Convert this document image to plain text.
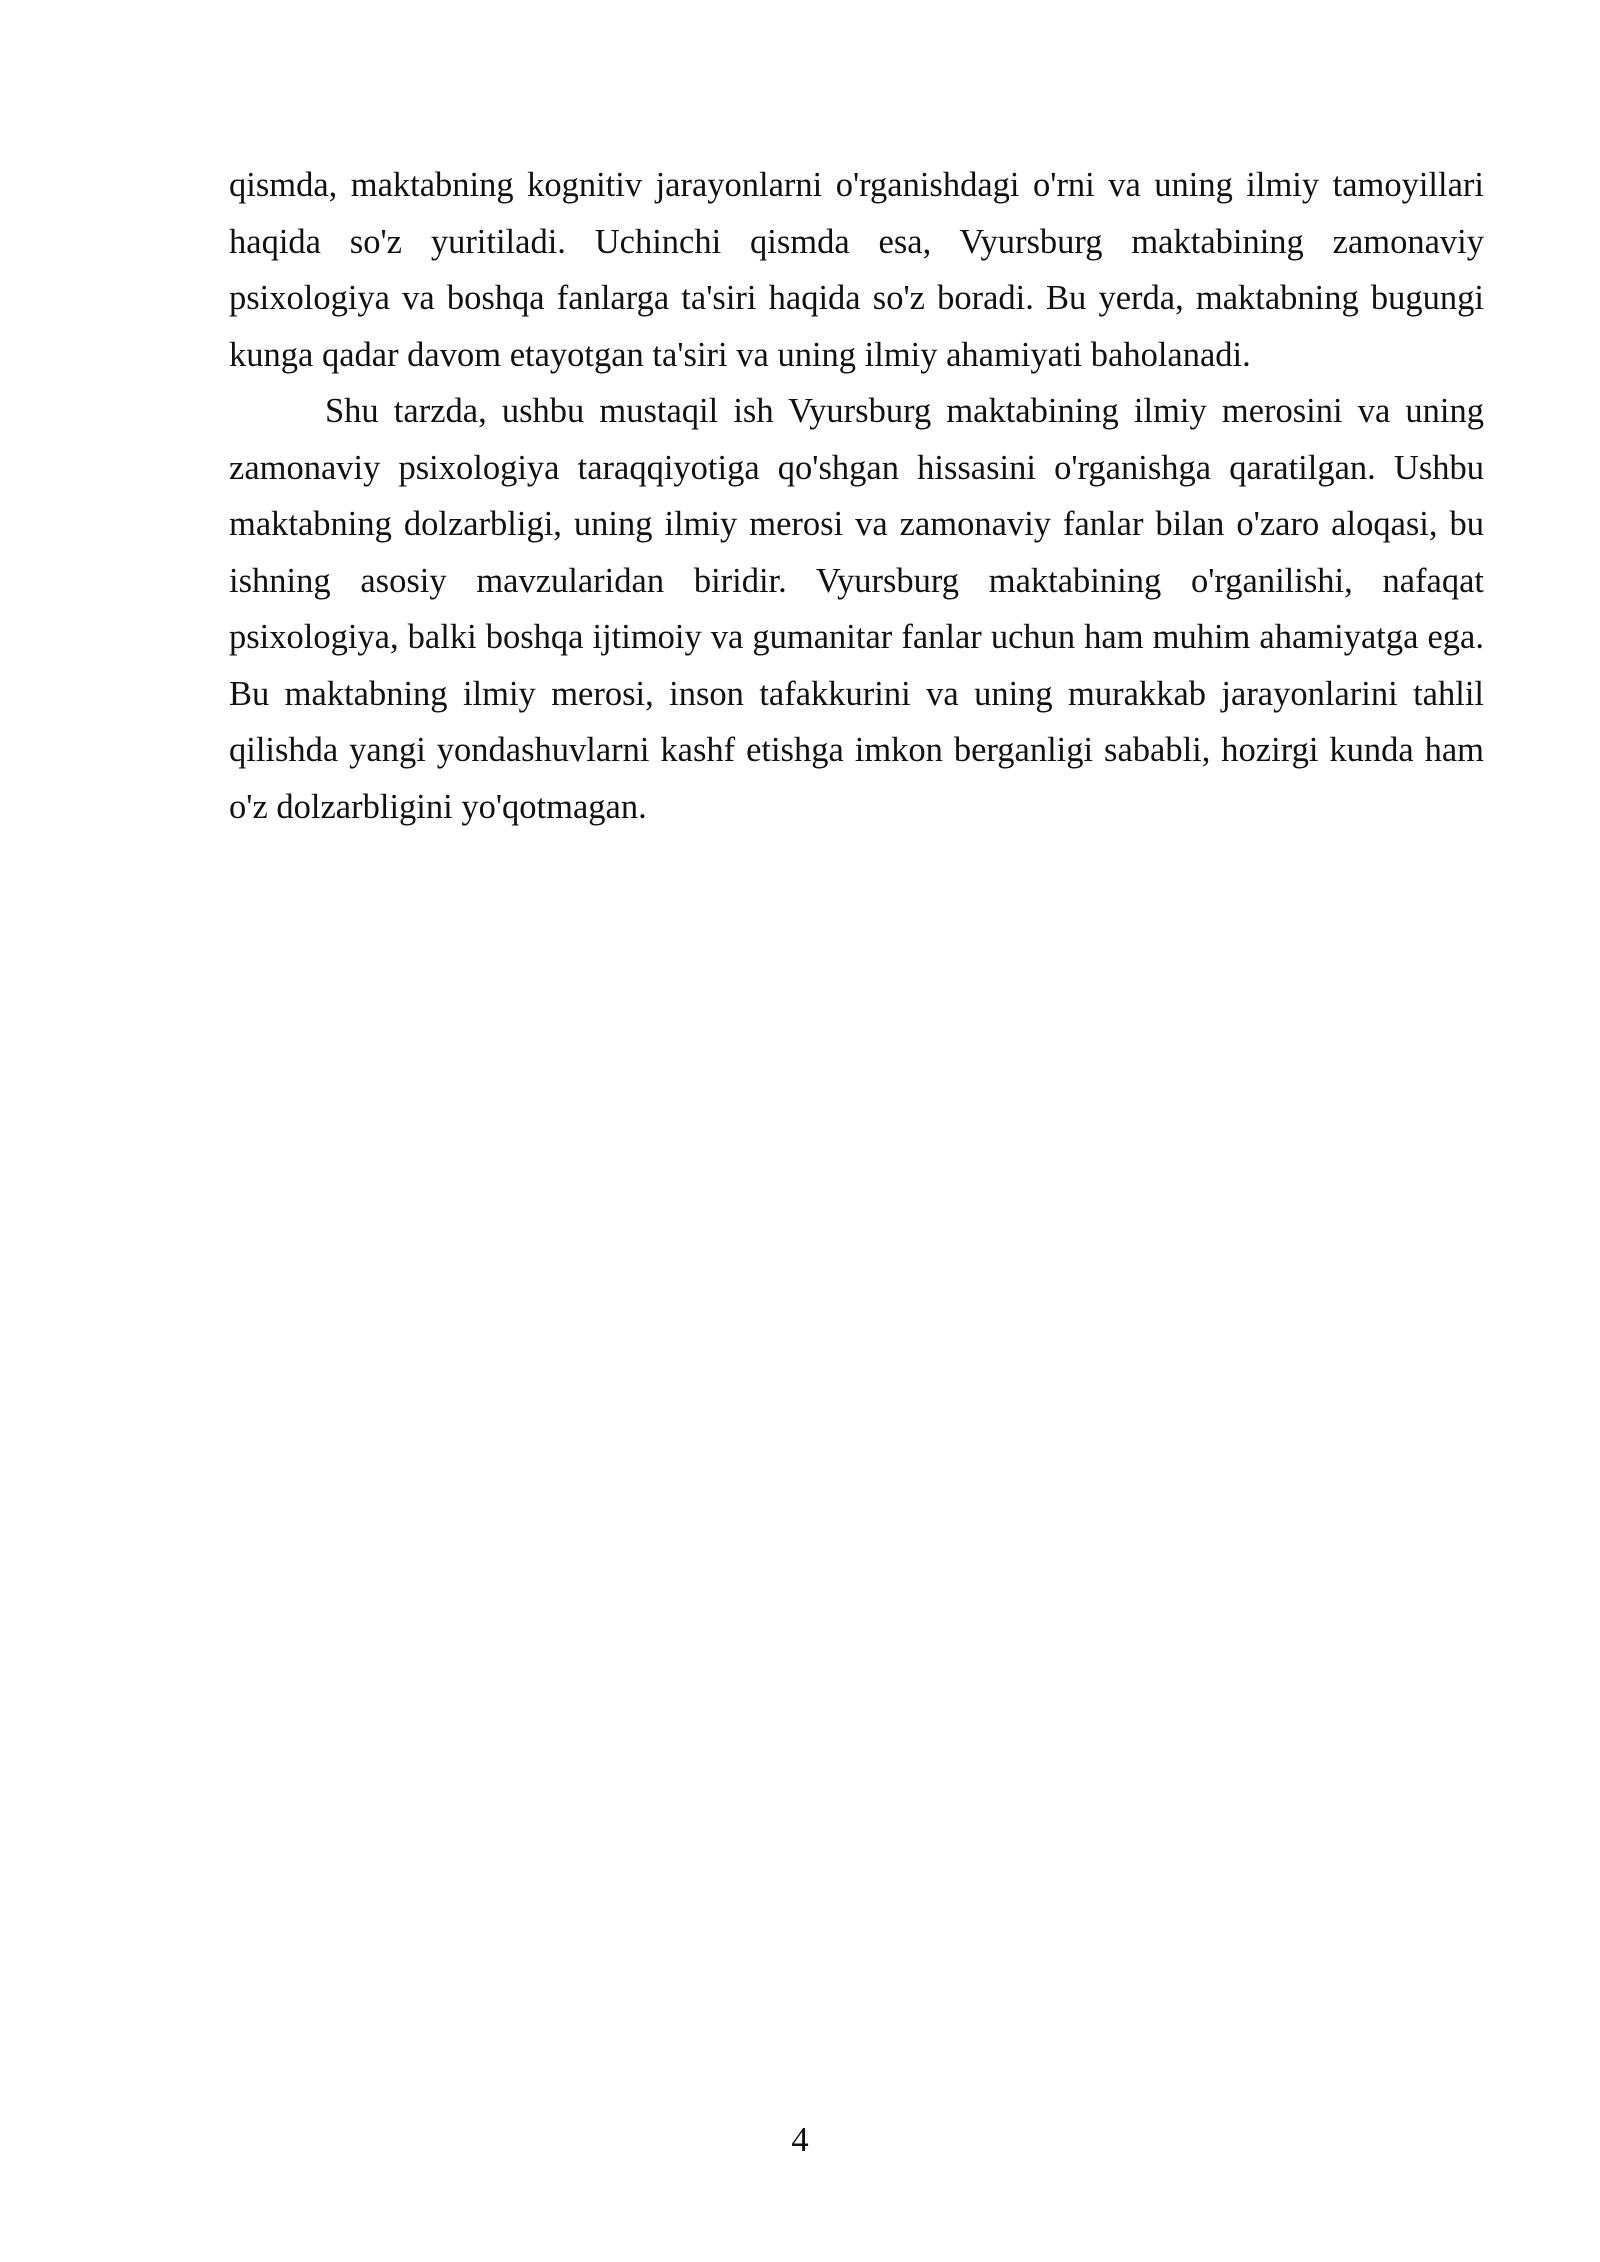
qismda, maktabning kognitiv jarayonlarni o'rganishdagi o'rni va uning ilmiy tamoyillari haqida so'z yuritiladi. Uchinchi qismda esa, Vyursburg maktabining zamonaviy psixologiya va boshqa fanlarga ta'siri haqida so'z boradi. Bu yerda, maktabning bugungi kunga qadar davom etayotgan ta'siri va uning ilmiy ahamiyati baholanadi.

Shu tarzda, ushbu mustaqil ish Vyursburg maktabining ilmiy merosini va uning zamonaviy psixologiya taraqqiyotiga qo'shgan hissasini o'rganishga qaratilgan. Ushbu maktabning dolzarbligi, uning ilmiy merosi va zamonaviy fanlar bilan o'zaro aloqasi, bu ishning asosiy mavzularidan biridir. Vyursburg maktabining o'rganilishi, nafaqat psixologiya, balki boshqa ijtimoiy va gumanitar fanlar uchun ham muhim ahamiyatga ega. Bu maktabning ilmiy merosi, inson tafakkurini va uning murakkab jarayonlarini tahlil qilishda yangi yondashuvlarni kashf etishga imkon berganligi sababli, hozirgi kunda ham o'z dolzarbligini yo'qotmagan.

4
